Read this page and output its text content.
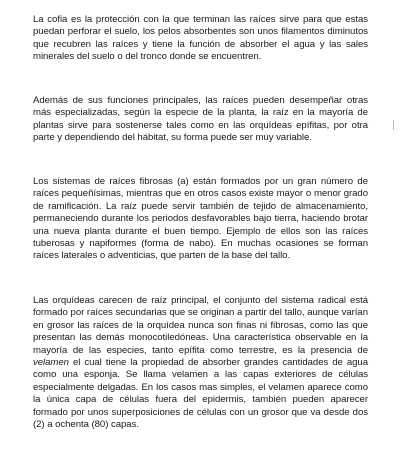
La cofia es la protección con la que terminan las raíces sirve para que estas puedan perforar el suelo, los pelos absorbentes son unos filamentos diminutos que recubren las raíces y tiene la función de absorber el agua y las sales minerales del suelo o del tronco donde se encuentren.

Además de sus funciones principales, las raíces pueden desempeñar otras más especializadas, según la especie de la planta, la raíz en la mayoría de plantas sirve para sostenerse tales como en las orquídeas epífitas, por otra parte y dependiendo del hábitat, su forma puede ser muy variable.

Los sistemas de raíces fibrosas (a) están formados por un gran número de raíces pequeñísimas, mientras que en otros casos existe mayor o menor grado de ramificación. La raíz puede servir también de tejido de almacenamiento, permaneciendo durante los periodos desfavorables bajo tierra, haciendo brotar una nueva planta durante el buen tiempo. Ejemplo de ellos son las raíces tuberosas y napiformes (forma de nabo). En muchas ocasiones se forman raíces laterales o adventicias, que parten de la base del tallo.

Las orquídeas carecen de raíz principal, el conjunto del sistema radical está formado por raíces secundarias que se originan a partir del tallo, aunque varían en grosor las raíces de la orquídea nunca son finas ni fibrosas, como las que presentan las demás monocotiledóneas. Una característica observable en la mayoría de las especies, tanto epífita como terrestre, es la presencia de velamen el cual tiene la propiedad de absorber grandes cantidades de agua como una esponja. Se llama velamen a las capas exteriores de células especialmente delgadas. En los casos mas simples, el velamen aparece como la única capa de células fuera del epidermis, también pueden aparecer formado por unos superposiciones de células con un grosor que va desde dos (2) a ochenta (80) capas.
